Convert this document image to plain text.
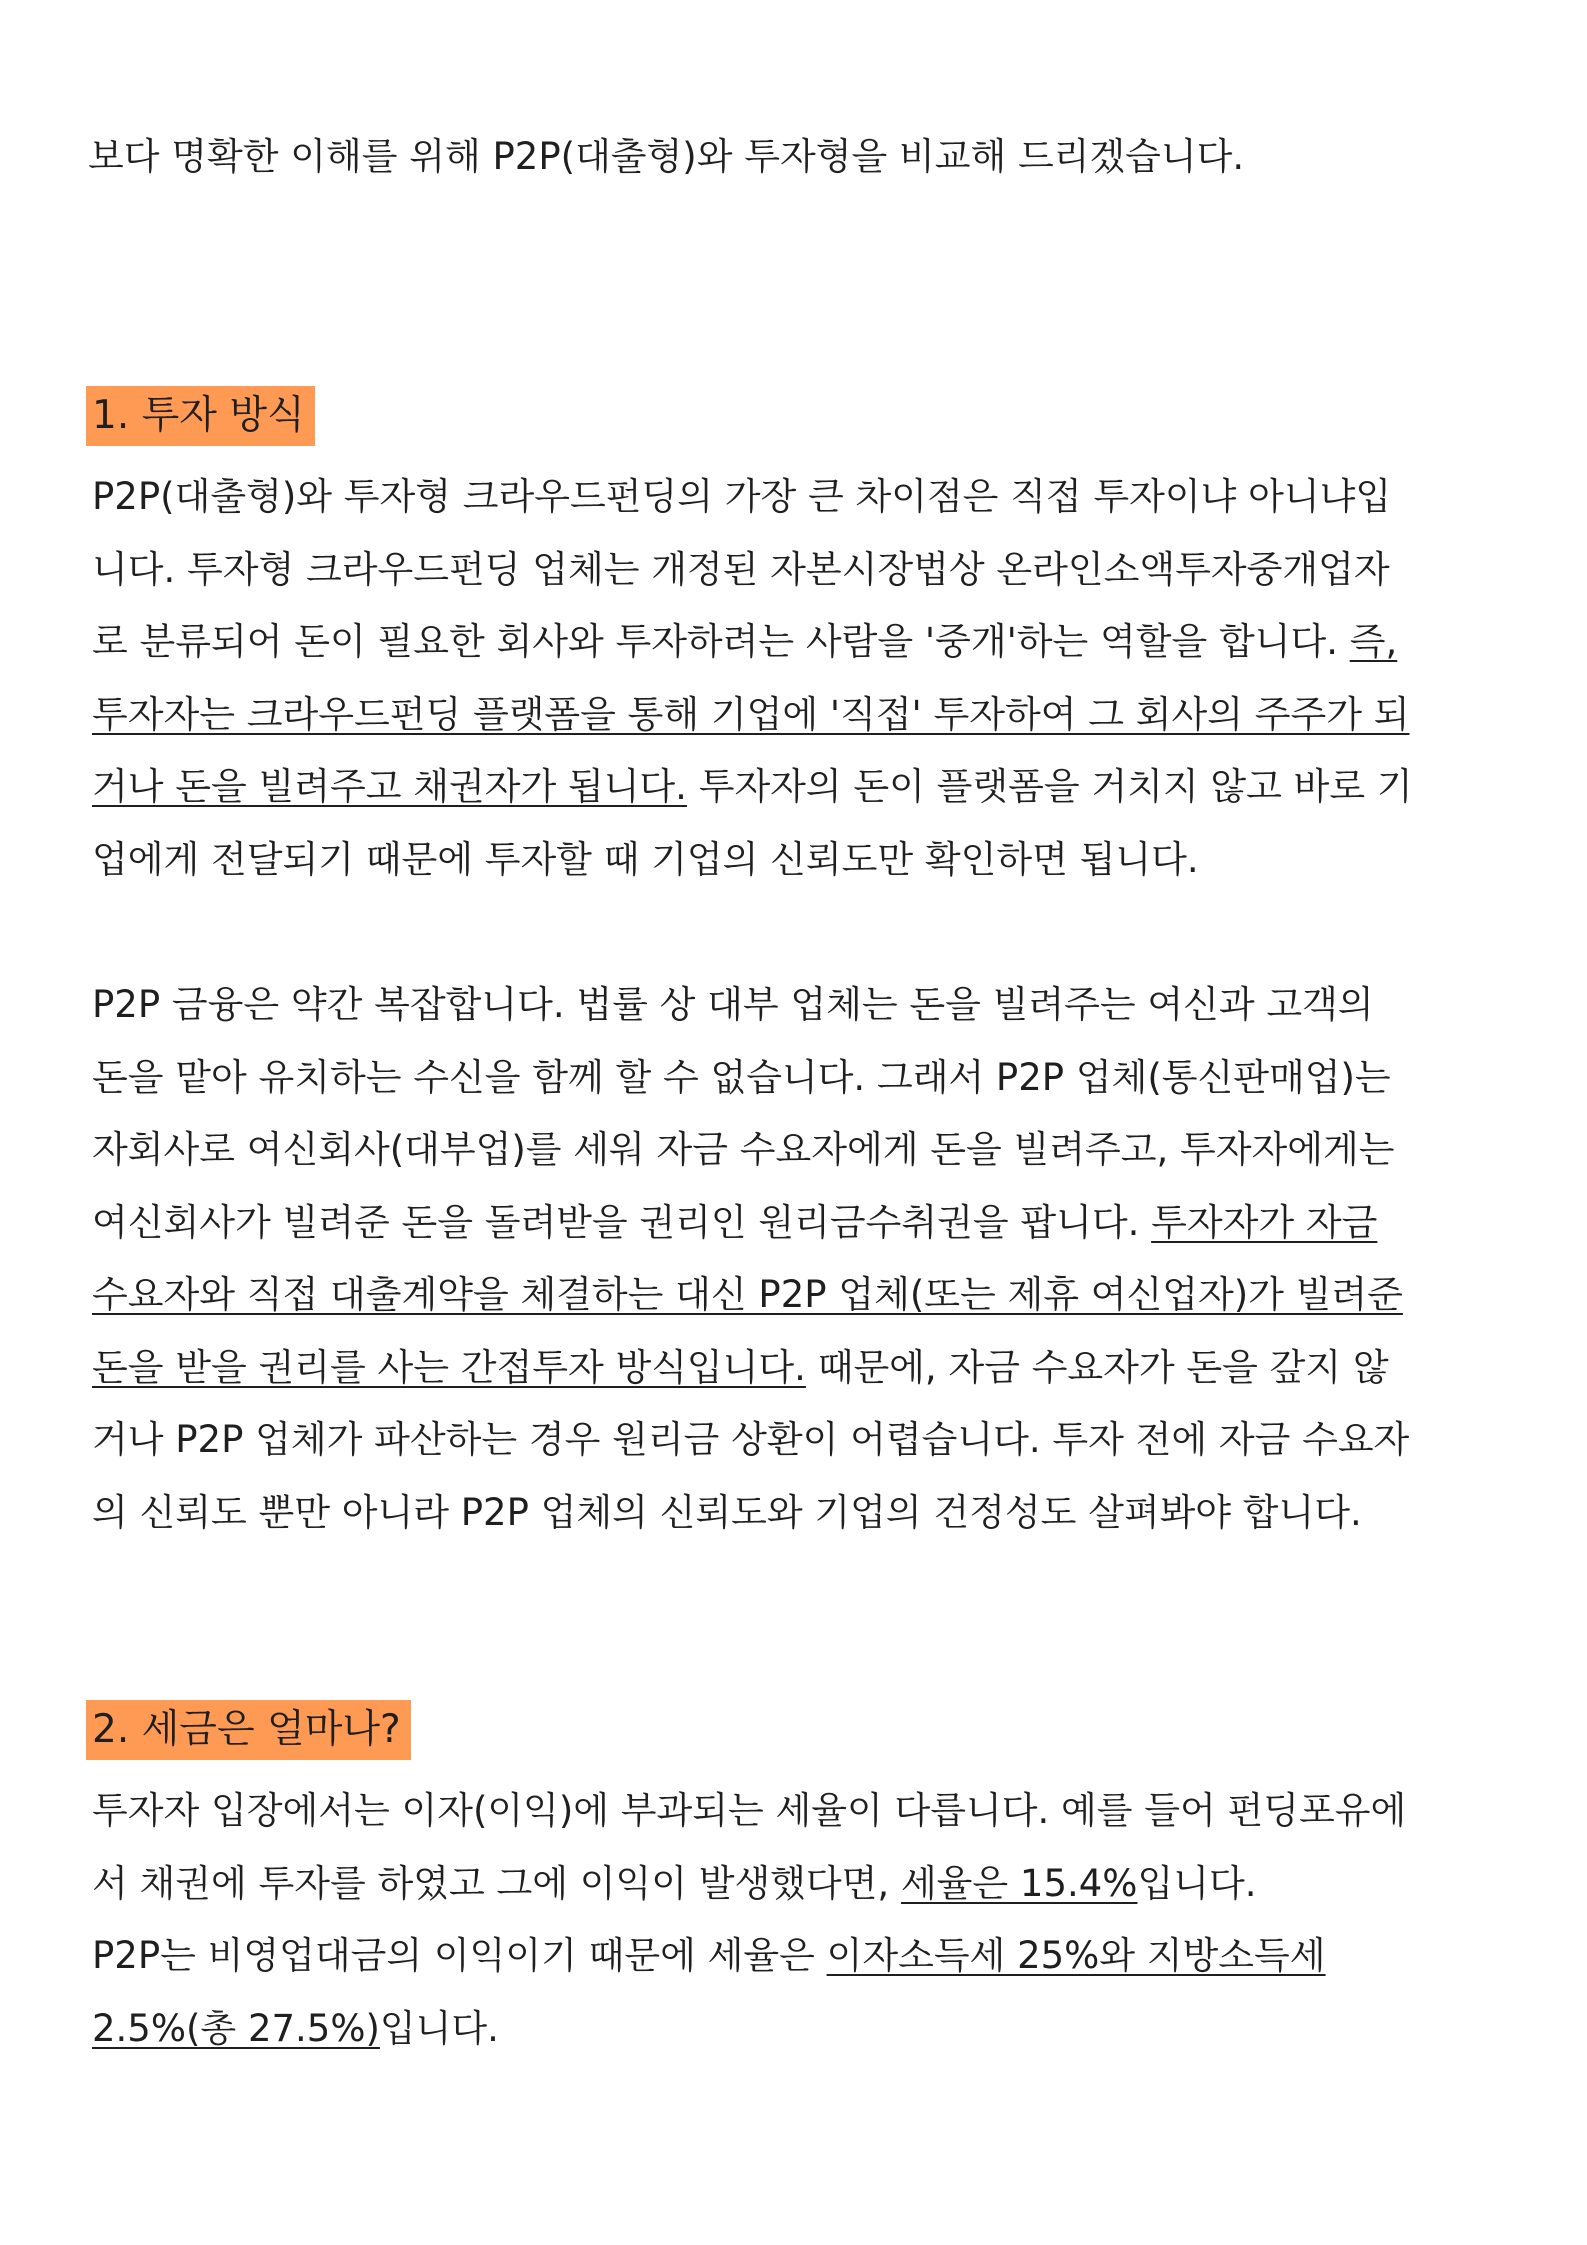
보다 명확한 이해를 위해 P2P(대출형)와 투자형을 비교해 드리겠습니다.
1. 투자 방식
P2P(대출형)와 투자형 크라우드펀딩의 가장 큰 차이점은 직접 투자이냐 아니냐입
니다. 투자형 크라우드펀딩 업체는 개정된 자본시장법상 온라인소액투자중개업자
로 분류되어 돈이 필요한 회사와 투자하려는 사람을 '중개'하는 역할을 합니다. 즉,
투자자는 크라우드펀딩 플랫폼을 통해 기업에 '직접' 투자하여 그 회사의 주주가 되
거나 돈을 빌려주고 채권자가 됩니다. 투자자의 돈이 플랫폼을 거치지 않고 바로 기
업에게 전달되기 때문에 투자할 때 기업의 신뢰도만 확인하면 됩니다.
P2P 금융은 약간 복잡합니다. 법률 상 대부 업체는 돈을 빌려주는 여신과 고객의
돈을 맡아 유치하는 수신을 함께 할 수 없습니다. 그래서 P2P 업체(통신판매업)는
자회사로 여신회사(대부업)를 세워 자금 수요자에게 돈을 빌려주고, 투자자에게는
여신회사가 빌려준 돈을 돌려받을 권리인 원리금수취권을 팝니다. 투자자가 자금
수요자와 직접 대출계약을 체결하는 대신 P2P 업체(또는 제휴 여신업자)가 빌려준
돈을 받을 권리를 사는 간접투자 방식입니다. 때문에, 자금 수요자가 돈을 갚지 않
거나 P2P 업체가 파산하는 경우 원리금 상환이 어렵습니다. 투자 전에 자금 수요자
의 신뢰도 뿐만 아니라 P2P 업체의 신뢰도와 기업의 건정성도 살펴봐야 합니다.
2. 세금은 얼마나?
투자자 입장에서는 이자(이익)에 부과되는 세율이 다릅니다. 예를 들어 펀딩포유에
서 채권에 투자를 하였고 그에 이익이 발생했다면, 세율은 15.4%입니다.
P2P는 비영업대금의 이익이기 때문에 세율은 이자소득세 25%와 지방소득세
2.5%(총 27.5%)입니다.
